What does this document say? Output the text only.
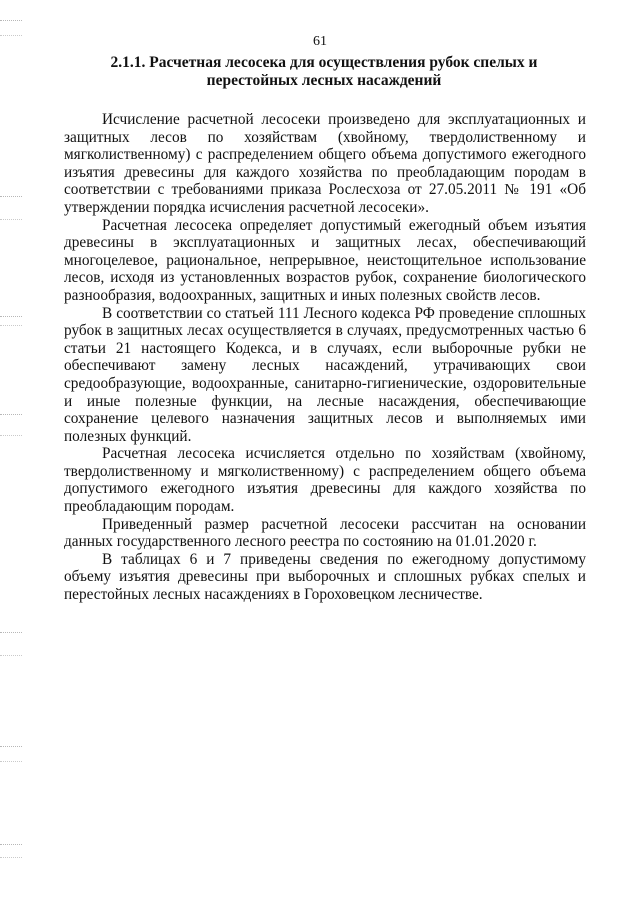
61
2.1.1. Расчетная лесосека для осуществления рубок спелых и перестойных лесных насаждений

Исчисление расчетной лесосеки произведено для эксплуатационных и защитных лесов по хозяйствам (хвойному, твердолиственному и мягколиственному) с распределением общего объема допустимого ежегодного изъятия древесины для каждого хозяйства по преобладающим породам в соответствии с требованиями приказа Рослесхоза от 27.05.2011 № 191 «Об утверждении порядка исчисления расчетной лесосеки».

Расчетная лесосека определяет допустимый ежегодный объем изъятия древесины в эксплуатационных и защитных лесах, обеспечивающий многоцелевое, рациональное, непрерывное, неистощительное использование лесов, исходя из установленных возрастов рубок, сохранение биологического разнообразия, водоохранных, защитных и иных полезных свойств лесов.

В соответствии со статьей 111 Лесного кодекса РФ проведение сплошных рубок в защитных лесах осуществляется в случаях, предусмотренных частью 6 статьи 21 настоящего Кодекса, и в случаях, если выборочные рубки не обеспечивают замену лесных насаждений, утрачивающих свои средообразующие, водоохранные, санитарно-гигиенические, оздоровительные и иные полезные функции, на лесные насаждения, обеспечивающие сохранение целевого назначения защитных лесов и выполняемых ими полезных функций.

Расчетная лесосека исчисляется отдельно по хозяйствам (хвойному, твердолиственному и мягколиственному) с распределением общего объема допустимого ежегодного изъятия древесины для каждого хозяйства по преобладающим породам.

Приведенный размер расчетной лесосеки рассчитан на основании данных государственного лесного реестра по состоянию на 01.01.2020 г.

В таблицах 6 и 7 приведены сведения по ежегодному допустимому объему изъятия древесины при выборочных и сплошных рубках спелых и перестойных лесных насаждениях в Гороховецком лесничестве.
